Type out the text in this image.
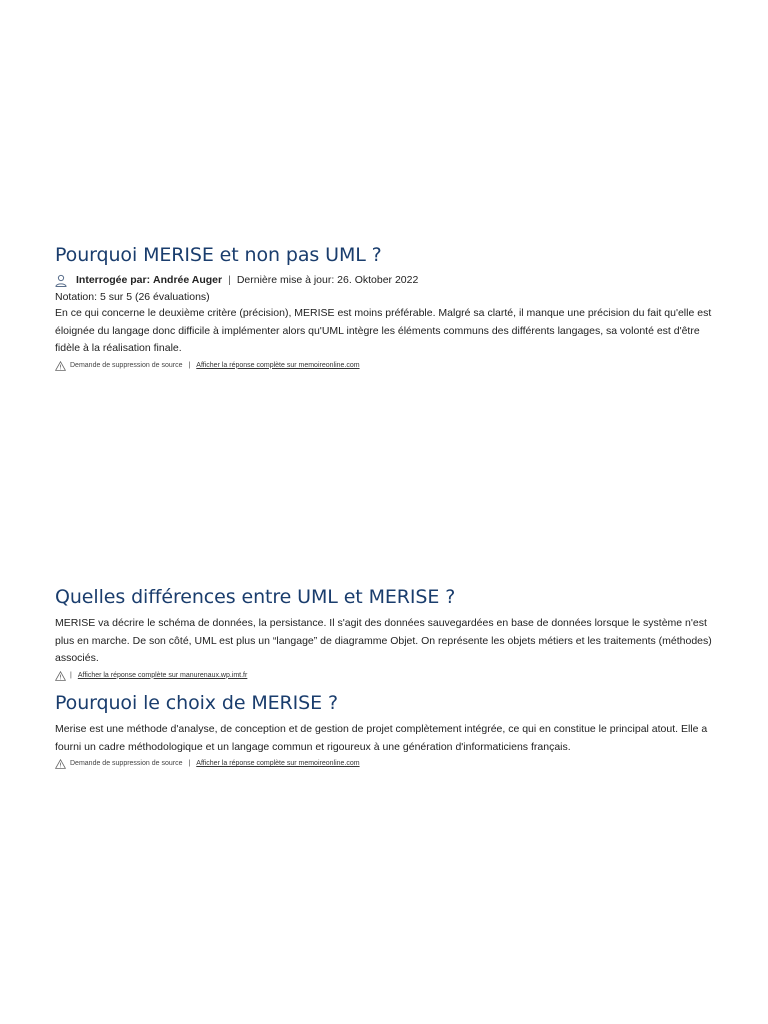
Pourquoi MERISE et non pas UML ?
Interrogée par:
Andrée Auger | Dernière mise à jour: 26. Oktober 2022
Notation: 5 sur 5 (26 évaluations)

En ce qui concerne le deuxième critère (précision), MERISE est moins préférable. Malgré sa clarté, il manque une précision du fait qu'elle est éloignée du langage donc difficile à implémenter alors qu'UML intègre les éléments communs des différents langages, sa volonté est d'être fidèle à la réalisation finale.

Demande de suppression de source | Afficher la réponse complète sur memoireonline.com
Quelles différences entre UML et MERISE ?

MERISE va décrire le schéma de données, la persistance. Il s'agit des données sauvegardées en base de données lorsque le système n'est plus en marche. De son côté, UML est plus un “langage” de diagramme Objet. On représente les objets métiers et les traitements (méthodes) associés.

| Afficher la réponse complète sur manurenaux.wp.imt.fr
Pourquoi le choix de MERISE ?

Merise est une méthode d'analyse, de conception et de gestion de projet complètement intégrée, ce qui en constitue le principal atout. Elle a fourni un cadre méthodologique et un langage commun et rigoureux à une génération d'informaticiens français.

Demande de suppression de source | Afficher la réponse complète sur memoireonline.com
